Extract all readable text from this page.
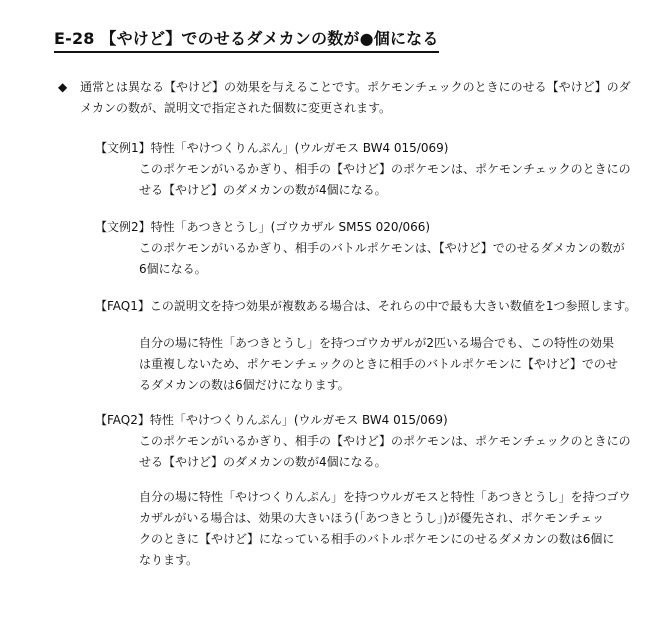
E-28 【やけど】でのせるダメカンの数が●個になる
◆ 通常とは異なる【やけど】の効果を与えることです。ポケモンチェックのときにのせる【やけど】のダ
メカンの数が、説明文で指定された個数に変更されます。
【文例1】特性「やけつくりんぷん」(ウルガモス BW4 015/069)
このポケモンがいるかぎり、相手の【やけど】のポケモンは、ポケモンチェックのときにの
せる【やけど】のダメカンの数が4個になる。
【文例2】特性「あつきとうし」(ゴウカザル SM5S 020/066)
このポケモンがいるかぎり、相手のバトルポケモンは、【やけど】でのせるダメカンの数が
6個になる。
【FAQ1】この説明文を持つ効果が複数ある場合は、それらの中で最も大きい数値を1つ参照します。
自分の場に特性「あつきとうし」を持つゴウカザルが2匹いる場合でも、この特性の効果
は重複しないため、ポケモンチェックのときに相手のバトルポケモンに【やけど】でのせ
るダメカンの数は6個だけになります。
【FAQ2】特性「やけつくりんぷん」(ウルガモス BW4 015/069)
このポケモンがいるかぎり、相手の【やけど】のポケモンは、ポケモンチェックのときにの
せる【やけど】のダメカンの数が4個になる。
自分の場に特性「やけつくりんぷん」を持つウルガモスと特性「あつきとうし」を持つゴウ
カザルがいる場合は、効果の大きいほう(「あつきとうし」)が優先され、ポケモンチェッ
クのときに【やけど】になっている相手のバトルポケモンにのせるダメカンの数は6個に
なります。
